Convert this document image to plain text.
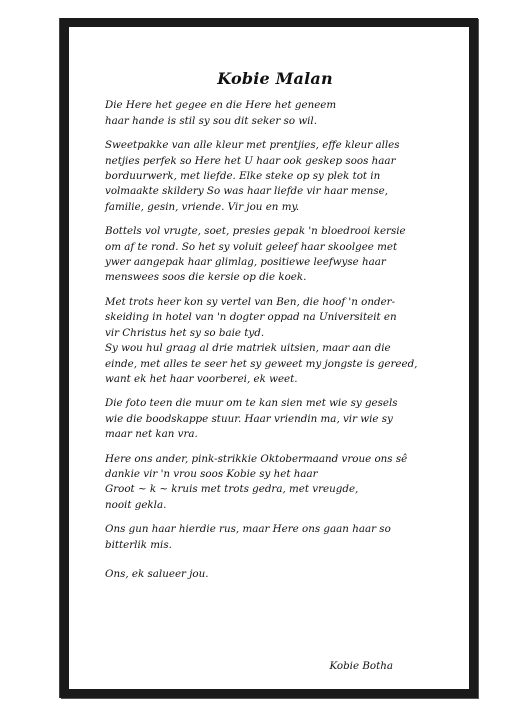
Kobie Malan
Die Here het gegee en die Here het geneem
haar hande is stil sy sou dit seker so wil.
Sweetpakke van alle kleur met prentjies, effe kleur alles
netjies perfek so Here het U haar ook geskep soos haar
borduurwerk, met liefde. Elke steke op sy plek tot in
volmaakte skildery So was haar liefde vir haar mense,
familie, gesin, vriende. Vir jou en my.
Bottels vol vrugte, soet, presies gepak 'n bloedrooi kersie
om af te rond. So het sy voluit geleef haar skoolgee met
ywer aangepak haar glimlag, positiewe leefwyse haar
menswees soos die kersie op die koek.
Met trots heer kon sy vertel van Ben, die hoof 'n onder-
skeiding in hotel van 'n dogter oppad na Universiteit en
vir Christus het sy so baie tyd.
Sy wou hul graag al drie matriek uitsien, maar aan die
einde, met alles te seer het sy geweet my jongste is gereed,
want ek het haar voorberei, ek weet.
Die foto teen die muur om te kan sien met wie sy gesels
wie die boodskappe stuur. Haar vriendin ma, vir wie sy
maar net kan vra.
Here ons ander, pink-strikkie Oktobermaand vroue ons sê
dankie vir 'n vrou soos Kobie sy het haar
Groot ~ k ~ kruis met trots gedra, met vreugde,
nooit gekla.
Ons gun haar hierdie rus, maar Here ons gaan haar so
bitterlik mis.
Ons, ek salueer jou.
Kobie Botha
